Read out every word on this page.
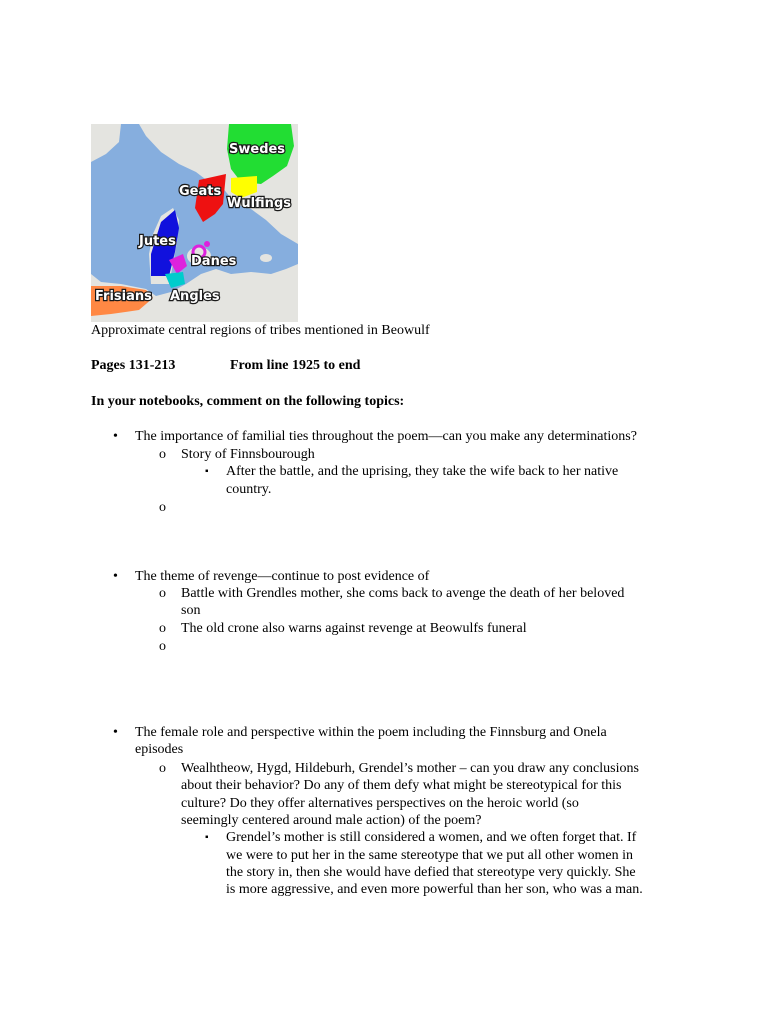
Swedes
Geats
Wulfings
Jutes
Danes
Frisians Angles
Approximate central regions of tribes mentioned in Beowulf
Pages 131-213	From line 1925 to end
In your notebooks, comment on the following topics:
• The importance of familial ties throughout the poem—can you make any determinations?
o Story of Finnsbourough
▪ After the battle, and the uprising, they take the wife back to her native
country.
o
• The theme of revenge—continue to post evidence of
o Battle with Grendles mother, she coms back to avenge the death of her beloved
son
o The old crone also warns against revenge at Beowulfs funeral
o
• The female role and perspective within the poem including the Finnsburg and Onela
episodes
o Wealhtheow, Hygd, Hildeburh, Grendel’s mother – can you draw any conclusions
about their behavior? Do any of them defy what might be stereotypical for this
culture? Do they offer alternatives perspectives on the heroic world (so
seemingly centered around male action) of the poem?
▪ Grendel’s mother is still considered a women, and we often forget that. If
we were to put her in the same stereotype that we put all other women in
the story in, then she would have defied that stereotype very quickly. She
is more aggressive, and even more powerful than her son, who was a man.
